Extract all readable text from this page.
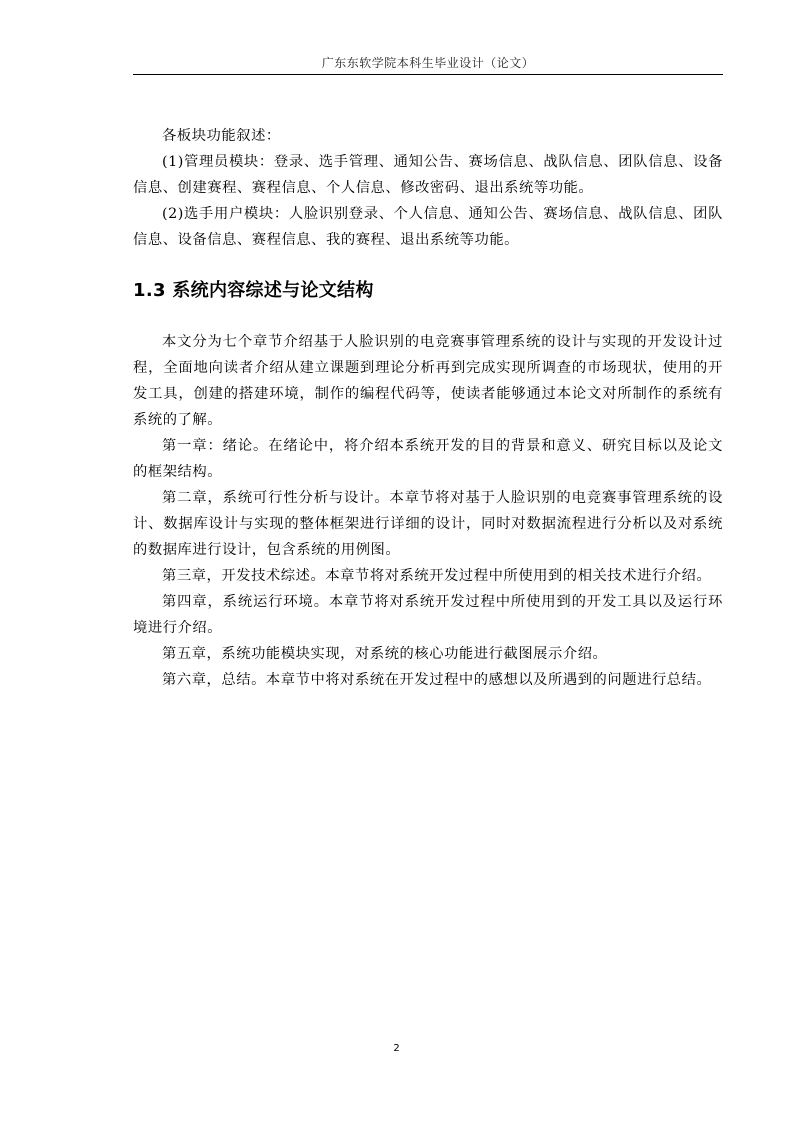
广东东软学院本科生毕业设计（论文）

各板块功能叙述：

(1)管理员模块：登录、选手管理、通知公告、赛场信息、战队信息、团队信息、设备信息、创建赛程、赛程信息、个人信息、修改密码、退出系统等功能。

(2)选手用户模块：人脸识别登录、个人信息、通知公告、赛场信息、战队信息、团队信息、设备信息、赛程信息、我的赛程、退出系统等功能。

1.3 系统内容综述与论文结构

本文分为七个章节介绍基于人脸识别的电竞赛事管理系统的设计与实现的开发设计过程，全面地向读者介绍从建立课题到理论分析再到完成实现所调查的市场现状，使用的开发工具，创建的搭建环境，制作的编程代码等，使读者能够通过本论文对所制作的系统有系统的了解。

第一章：绪论。在绪论中，将介绍本系统开发的目的背景和意义、研究目标以及论文的框架结构。

第二章，系统可行性分析与设计。本章节将对基于人脸识别的电竞赛事管理系统的设计、数据库设计与实现的整体框架进行详细的设计，同时对数据流程进行分析以及对系统的数据库进行设计，包含系统的用例图。

第三章，开发技术综述。本章节将对系统开发过程中所使用到的相关技术进行介绍。

第四章，系统运行环境。本章节将对系统开发过程中所使用到的开发工具以及运行环境进行介绍。

第五章，系统功能模块实现，对系统的核心功能进行截图展示介绍。

第六章，总结。本章节中将对系统在开发过程中的感想以及所遇到的问题进行总结。

2
